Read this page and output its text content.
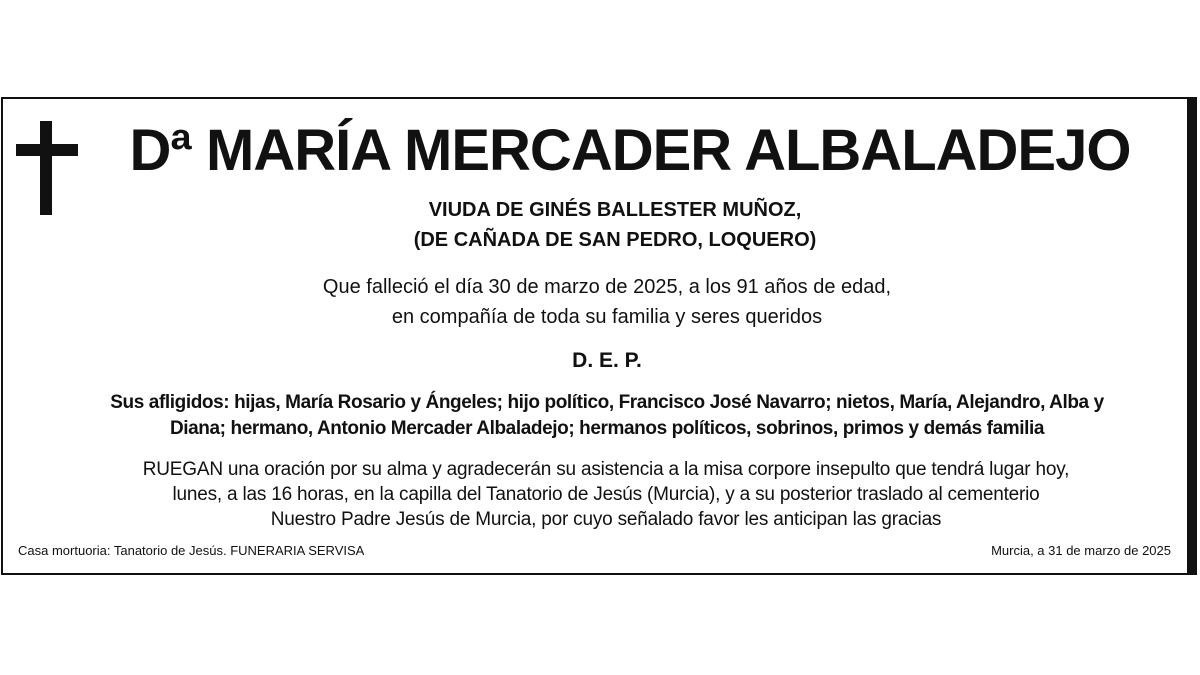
Dª MARÍA MERCADER ALBALADEJO
VIUDA DE GINÉS BALLESTER MUÑOZ,
(DE CAÑADA DE SAN PEDRO, LOQUERO)
Que falleció el día 30 de marzo de 2025, a los 91 años de edad,
en compañía de toda su familia y seres queridos
D. E. P.
Sus afligidos: hijas, María Rosario y Ángeles; hijo político, Francisco José Navarro; nietos, María, Alejandro, Alba y
Diana; hermano, Antonio Mercader Albaladejo; hermanos políticos, sobrinos, primos y demás familia
RUEGAN una oración por su alma y agradecerán su asistencia a la misa corpore insepulto que tendrá lugar hoy,
lunes, a las 16 horas, en la capilla del Tanatorio de Jesús (Murcia), y a su posterior traslado al cementerio
Nuestro Padre Jesús de Murcia, por cuyo señalado favor les anticipan las gracias
Casa mortuoria: Tanatorio de Jesús. FUNERARIA SERVISA	Murcia, a 31 de marzo de 2025
